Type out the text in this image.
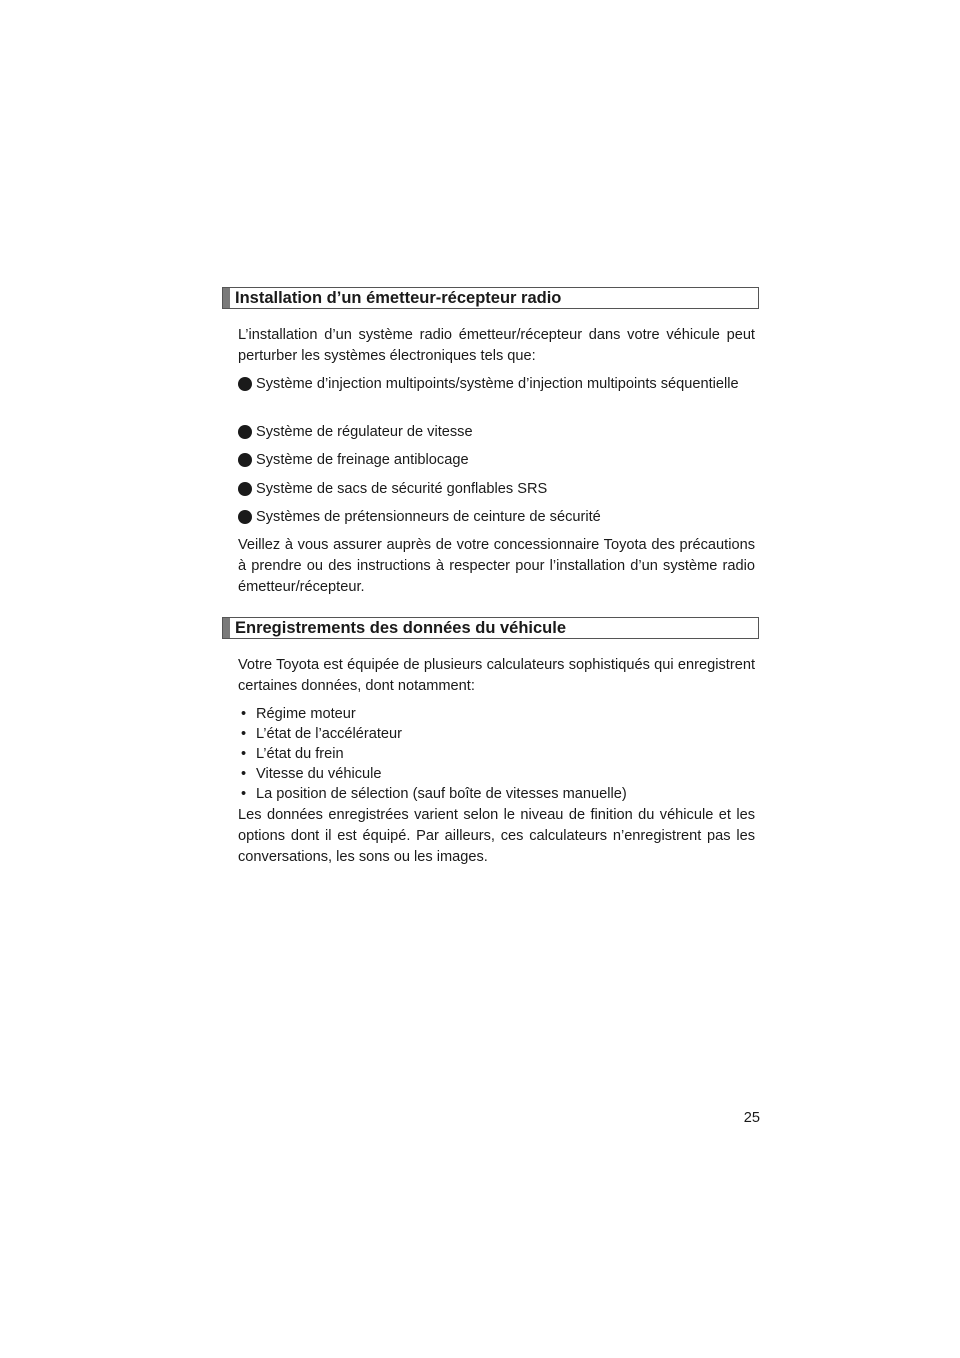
Installation d’un émetteur-récepteur radio

L’installation d’un système radio émetteur/récepteur dans votre véhicule peut perturber les systèmes électroniques tels que:

Système d’injection multipoints/système d’injection multipoints séquentielle
Système de régulateur de vitesse
Système de freinage antiblocage
Système de sacs de sécurité gonflables SRS
Systèmes de prétensionneurs de ceinture de sécurité

Veillez à vous assurer auprès de votre concessionnaire Toyota des précautions à prendre ou des instructions à respecter pour l’installation d’un système radio émetteur/récepteur.

Enregistrements des données du véhicule

Votre Toyota est équipée de plusieurs calculateurs sophistiqués qui enregistrent certaines données, dont notamment:

• Régime moteur
• L’état de l’accélérateur
• L’état du frein
• Vitesse du véhicule
• La position de sélection (sauf boîte de vitesses manuelle)

Les données enregistrées varient selon le niveau de finition du véhicule et les options dont il est équipé. Par ailleurs, ces calculateurs n’enregistrent pas les conversations, les sons ou les images.

25
